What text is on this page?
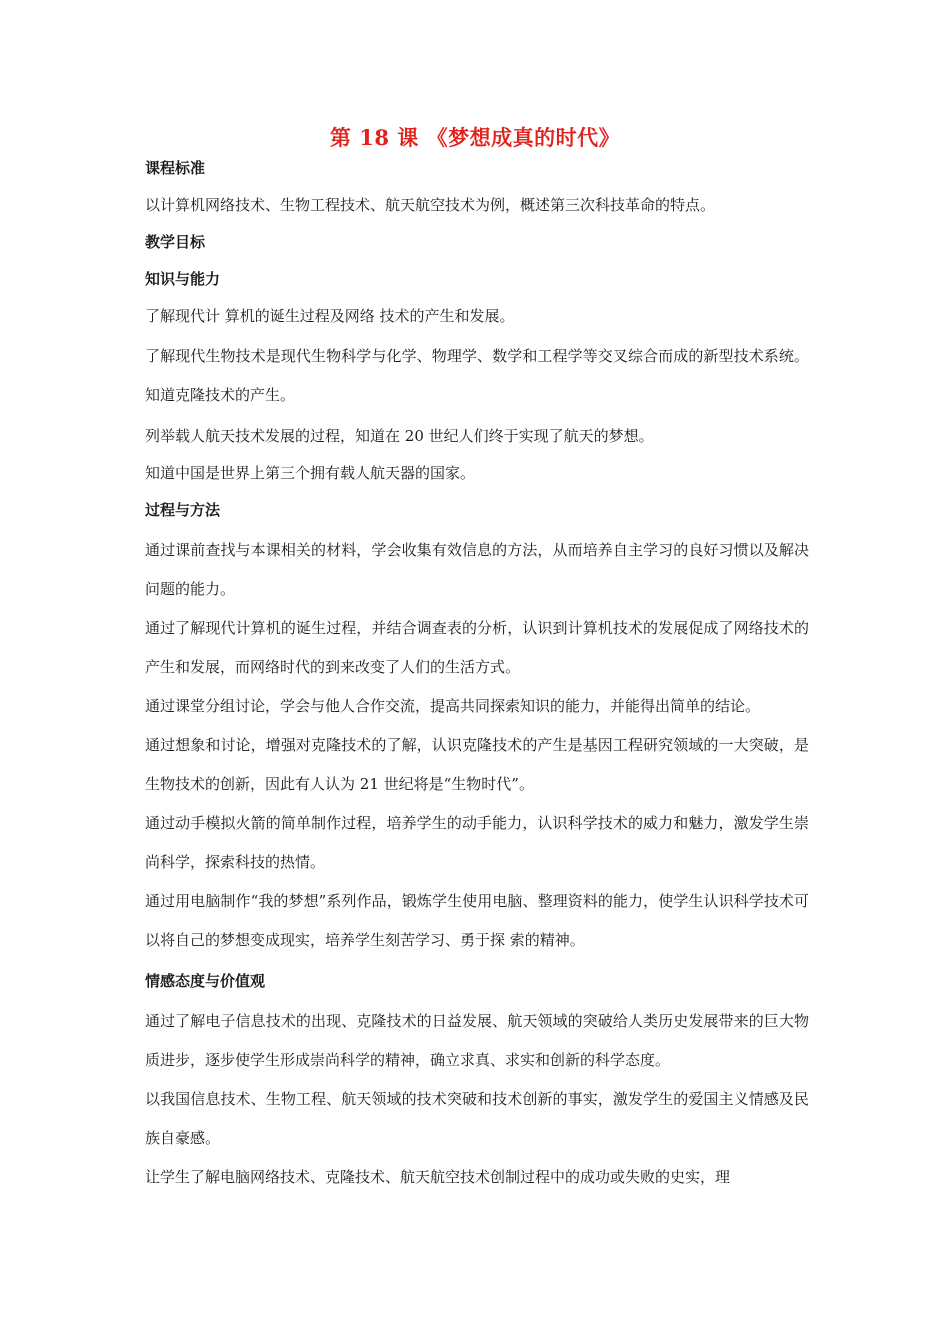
第 18 课 《梦想成真的时代》

课程标准

以计算机网络技术、生物工程技术、航天航空技术为例，概述第三次科技革命的特点。

教学目标

知识与能力

了解现代计 算机的诞生过程及网络 技术的产生和发展。

了解现代生物技术是现代生物科学与化学、物理学、数学和工程学等交叉综合而成的新型技术系统。知道克隆技术的产生。

列举载人航天技术发展的过程，知道在 20 世纪人们终于实现了航天的梦想。

知道中国是世界上第三个拥有载人航天器的国家。

过程与方法

通过课前查找与本课相关的材料，学会收集有效信息的方法，从而培养自主学习的良好习惯以及解决问题的能力。

通过了解现代计算机的诞生过程，并结合调查表的分析，认识到计算机技术的发展促成了网络技术的产生和发展，而网络时代的到来改变了人们的生活方式。

通过课堂分组讨论，学会与他人合作交流，提高共同探索知识的能力，并能得出简单的结论。

通过想象和讨论，增强对克隆技术的了解，认识克隆技术的产生是基因工程研究领域的一大突破，是生物技术的创新，因此有人认为 21 世纪将是“生物时代”。

通过动手模拟火箭的简单制作过程，培养学生的动手能力，认识科学技术的威力和魅力，激发学生崇尚科学，探索科技的热情。

通过用电脑制作“我的梦想”系列作品，锻炼学生使用电脑、整理资料的能力，使学生认识科学技术可以将自己的梦想变成现实，培养学生刻苦学习、勇于探 索的精神。

情感态度与价值观

通过了解电子信息技术的出现、克隆技术的日益发展、航天领域的突破给人类历史发展带来的巨大物质进步，逐步使学生形成崇尚科学的精神，确立求真、求实和创新的科学态度。

以我国信息技术、生物工程、航天领域的技术突破和技术创新的事实，激发学生的爱国主义情感及民族自豪感。

让学生了解电脑网络技术、克隆技术、航天航空技术创制过程中的成功或失败的史实，理
